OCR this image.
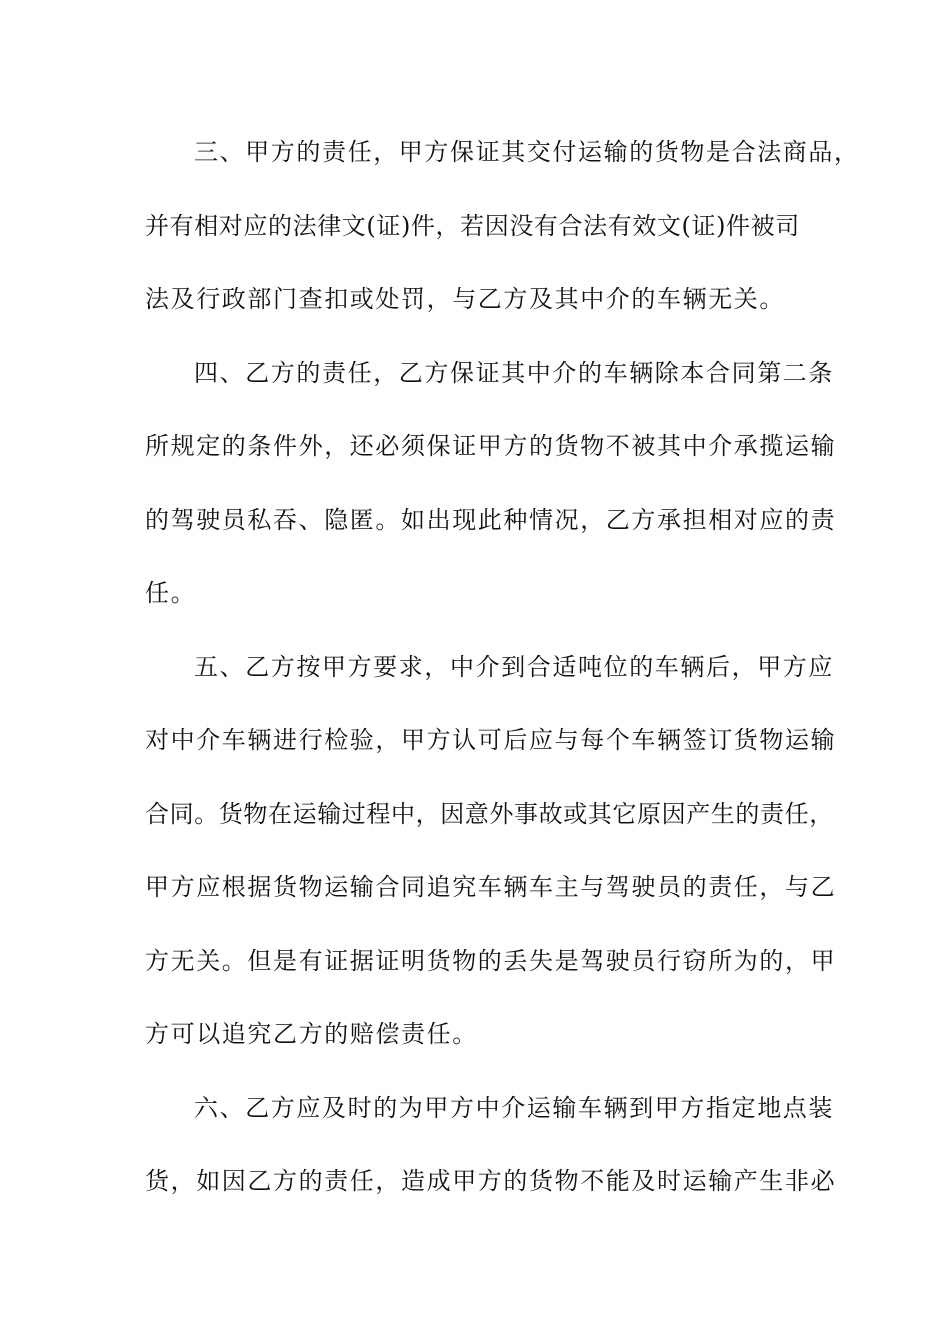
三、甲方的责任，甲方保证其交付运输的货物是合法商品，
并有相对应的法律文(证)件，若因没有合法有效文(证)件被司
法及行政部门查扣或处罚，与乙方及其中介的车辆无关。
四、乙方的责任，乙方保证其中介的车辆除本合同第二条
所规定的条件外，还必须保证甲方的货物不被其中介承揽运输
的驾驶员私吞、隐匿。如出现此种情况，乙方承担相对应的责
任。
五、乙方按甲方要求，中介到合适吨位的车辆后，甲方应
对中介车辆进行检验，甲方认可后应与每个车辆签订货物运输
合同。货物在运输过程中，因意外事故或其它原因产生的责任，
甲方应根据货物运输合同追究车辆车主与驾驶员的责任，与乙
方无关。但是有证据证明货物的丢失是驾驶员行窃所为的，甲
方可以追究乙方的赔偿责任。
六、乙方应及时的为甲方中介运输车辆到甲方指定地点装
货，如因乙方的责任，造成甲方的货物不能及时运输产生非必
